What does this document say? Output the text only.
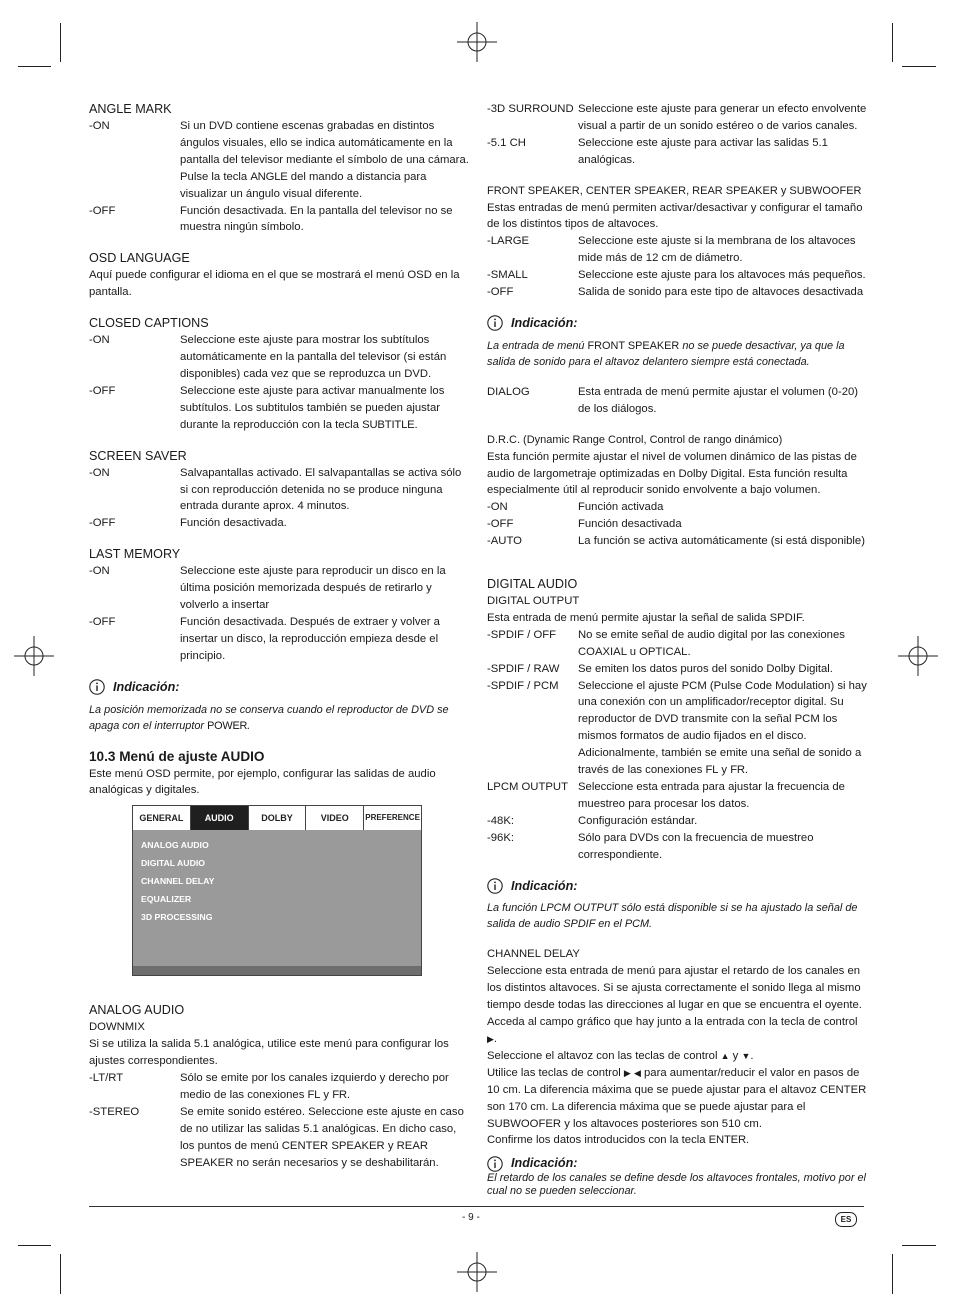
ANGLE MARK
-ON	Si un DVD contiene escenas grabadas en distintos ángulos visuales, ello se indica automáticamente en la pantalla del televisor mediante el símbolo de una cámara. Pulse la tecla ANGLE del mando a distancia para visualizar un ángulo visual diferente.
-OFF	Función desactivada. En la pantalla del televisor no se muestra ningún símbolo.
OSD LANGUAGE

Aquí puede configurar el idioma en el que se mostrará el menú OSD en la pantalla.

CLOSED CAPTIONS
-ON	Seleccione este ajuste para mostrar los subtítulos automáticamente en la pantalla del televisor (si están disponibles) cada vez que se reproduzca un DVD.
-OFF	Seleccione este ajuste para activar manualmente los subtítulos. Los subtitulos también se pueden ajustar durante la reproducción con la tecla SUBTITLE.
SCREEN SAVER
-ON	Salvapantallas activado. El salvapantallas se activa sólo si con reproducción detenida no se produce ninguna entrada durante aprox. 4 minutos.
-OFF	Función desactivada.
LAST MEMORY
-ON	Seleccione este ajuste para reproducir un disco en la última posición memorizada después de retirarlo y volverlo a insertar
-OFF	Función desactivada. Después de extraer y volver a insertar un disco, la reproducción empieza desde el principio.
Indicación:

La posición memorizada no se conserva cuando el reproductor de DVD se apaga con el interruptor POWER.

10.3 Menú de ajuste AUDIO

Este menú OSD permite, por ejemplo, configurar las salidas de audio analógicas y digitales.

GENERAL	AUDIO	DOLBY	VIDEO	PREFERENCE
ANALOG AUDIO
DIGITAL AUDIO
CHANNEL DELAY
EQUALIZER
3D PROCESSING
ANALOG AUDIO
DOWNMIX

Si se utiliza la salida 5.1 analógica, utilice este menú para configurar los ajustes correspondientes.

-LT/RT	Sólo se emite por los canales izquierdo y derecho por medio de las conexiones FL y FR.
-STEREO	Se emite sonido estéreo. Seleccione este ajuste en caso de no utilizar las salidas 5.1 analógicas. En dicho caso, los puntos de menú CENTER SPEAKER y REAR SPEAKER no serán necesarios y se deshabilitarán.
-3D SURROUND Seleccione este ajuste para generar un efecto envolvente visual a partir de un sonido estéreo o de varios canales.
-5.1 CH	Seleccione este ajuste para activar las salidas 5.1 analógicas.
FRONT SPEAKER, CENTER SPEAKER, REAR SPEAKER y SUBWOOFER

Estas entradas de menú permiten activar/desactivar y configurar el tamaño de los distintos tipos de altavoces.

-LARGE	Seleccione este ajuste si la membrana de los altavoces mide más de 12 cm de diámetro.
-SMALL	Seleccione este ajuste para los altavoces más pequeños.
-OFF	Salida de sonido para este tipo de altavoces desactivada
Indicación:

La entrada de menú FRONT SPEAKER no se puede desactivar, ya que la salida de sonido para el altavoz delantero siempre está conectada.

DIALOG	Esta entrada de menú permite ajustar el volumen (0-20) de los diálogos.
D.R.C. (Dynamic Range Control, Control de rango dinámico)

Esta función permite ajustar el nivel de volumen dinámico de las pistas de audio de largometraje optimizadas en Dolby Digital. Esta función resulta especialmente útil al reproducir sonido envolvente a bajo volumen.

-ON	Función activada
-OFF	Función desactivada
-AUTO	La función se activa automáticamente (si está disponible)
DIGITAL AUDIO
DIGITAL OUTPUT

Esta entrada de menú permite ajustar la señal de salida SPDIF.

-SPDIF / OFF	No se emite señal de audio digital por las conexiones COAXIAL u OPTICAL.
-SPDIF / RAW	Se emiten los datos puros del sonido Dolby Digital.
-SPDIF / PCM	Seleccione el ajuste PCM (Pulse Code Modulation) si hay una conexión con un amplificador/receptor digital. Su reproductor de DVD transmite con la señal PCM los mismos formatos de audio fijados en el disco. Adicionalmente, también se emite una señal de sonido a través de las conexiones FL y FR.
LPCM OUTPUT Seleccione esta entrada para ajustar la frecuencia de muestreo para procesar los datos.
-48K:	Configuración estándar.
-96K:	Sólo para DVDs con la frecuencia de muestreo correspondiente.
Indicación:

La función LPCM OUTPUT sólo está disponible si se ha ajustado la señal de salida de audio SPDIF en el PCM.

CHANNEL DELAY

Seleccione esta entrada de menú para ajustar el retardo de los canales en los distintos altavoces. Si se ajusta correctamente el sonido llega al mismo tiempo desde todas las direcciones al lugar en que se encuentra el oyente. Acceda al campo gráfico que hay junto a la entrada con la tecla de control ▶.

Seleccione el altavoz con las teclas de control ▲ y ▼.

Utilice las teclas de control ▶ ◀ para aumentar/reducir el valor en pasos de 10 cm. La diferencia máxima que se puede ajustar para el altavoz CENTER son 170 cm. La diferencia máxima que se puede ajustar para el SUBWOOFER y los altavoces posteriores son 510 cm.

Confirme los datos introducidos con la tecla ENTER.

Indicación:

El retardo de los canales se define desde los altavoces frontales, motivo por el cual no se pueden seleccionar.

- 9 -	ES
